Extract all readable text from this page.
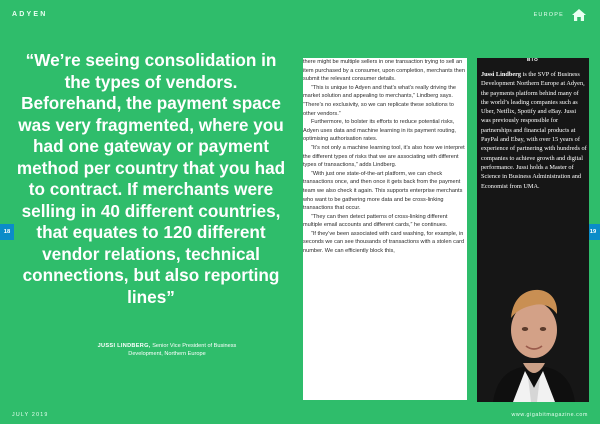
ADYEN
“We’re seeing consolidation in the types of vendors. Beforehand, the payment space was very fragmented, where you had one gateway or payment method per country that you had to contract. If merchants were selling in 40 different countries, that equates to 120 different vendor relations, technical connections, but also reporting lines”
JUSSI LINDBERG, Senior Vice President of Business Development, Northern Europe
18
JULY 2019
EUROPE
19
www.gigabitmagazine.com

there might be multiple sellers in one transaction trying to sell an item purchased by a consumer, upon completion, merchants then submit the relevant consumer details.

“This is unique to Adyen and that’s what’s really driving the market solution and appealing to merchants,” Lindberg says. “There’s no exclusivity, so we can replicate these solutions to other vendors.”

Furthermore, to bolster its efforts to reduce potential risks, Adyen uses data and machine learning in its payment routing, optimising authorisation rates.

“It’s not only a machine learning tool, it’s also how we interpret the different types of risks that we are associating with different types of transactions,” adds Lindberg.

“With just one state-of-the-art platform, we can check transactions once, and then once it gets back from the payment team we also check it again. This supports enterprise merchants who want to be gathering more data and be cross-linking transactions that occur.

“They can then detect patterns of cross-linking different multiple email accounts and different cards,” he continues.

“If they’ve been associated with card washing, for example, in seconds we can see thousands of transactions with a stolen card number. We can efficiently block this,

BIO
Jussi Lindberg is the SVP of Business Development Northern Europe at Adyen, the payments platform behind many of the world’s leading companies such as Uber, Netflix, Spotify and eBay. Jussi was previously responsible for partnerships and financial products at PayPal and Ebay, with over 15 years of experience of partnering with hundreds of companies to achieve growth and digital performance. Jussi holds a Master of Science in Business Administration and Economist from UMA.
